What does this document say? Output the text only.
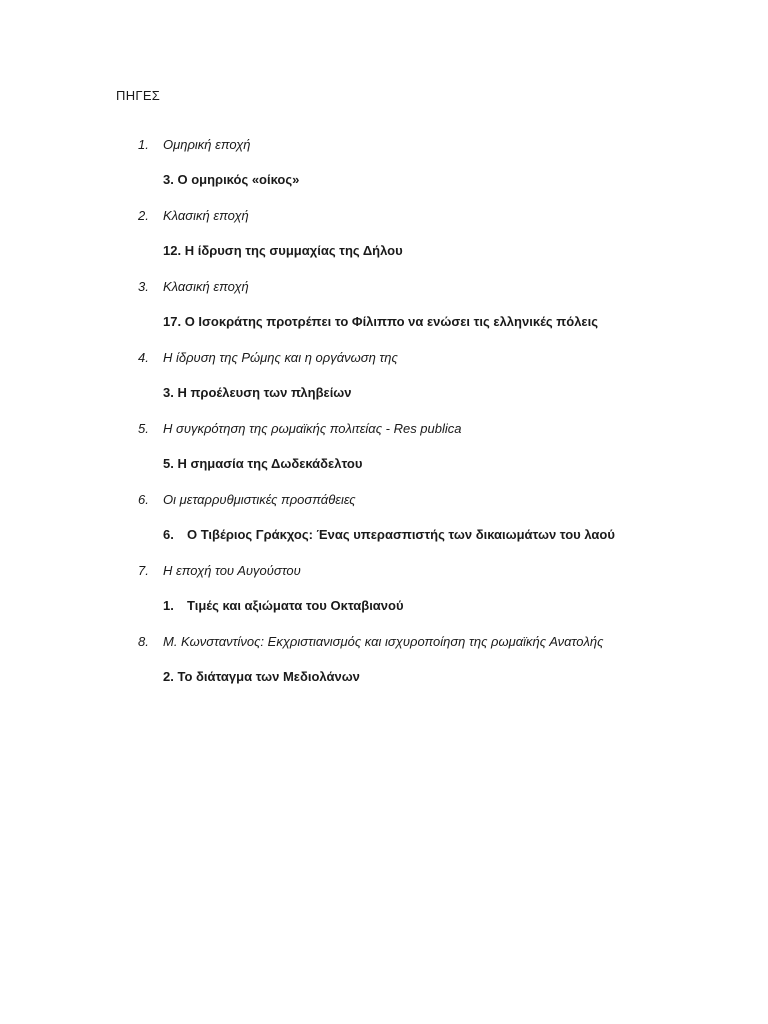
ΠΗΓΕΣ
1. Ομηρική εποχή
3. Ο ομηρικός «οίκος»
2. Κλασική εποχή
12. Η ίδρυση της συμμαχίας της Δήλου
3. Κλασική εποχή
17. Ο Ισοκράτης προτρέπει το Φίλιππο να ενώσει τις ελληνικές πόλεις
4. Η ίδρυση της Ρώμης και η οργάνωση της
3. Η προέλευση των πληβείων
5. Η συγκρότηση της ρωμαϊκής πολιτείας - Res publica
5. Η σημασία της Δωδεκάδελτου
6. Οι μεταρρυθμιστικές προσπάθειες
6. Ο Τιβέριος Γράκχος: Ένας υπερασπιστής των δικαιωμάτων του λαού
7. Η εποχή του Αυγούστου
1. Τιμές και αξιώματα του Οκταβιανού
8. Μ. Κωνσταντίνος: Εκχριστιανισμός και ισχυροποίηση της ρωμαϊκής Ανατολής
2. Το διάταγμα των Μεδιολάνων
